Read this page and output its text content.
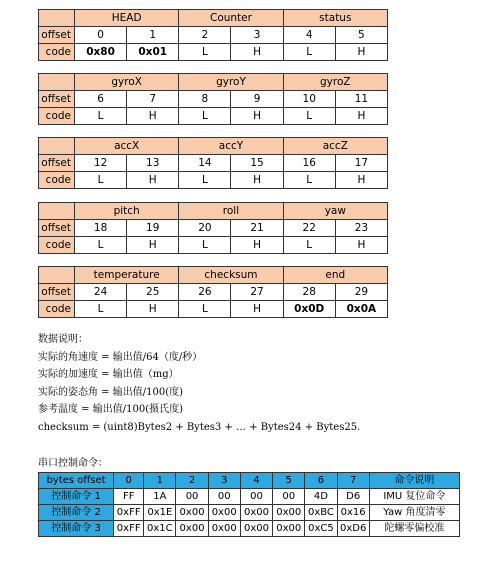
	HEAD		Counter		status	
offset	0	1	2	3	4	5
code	0x80	0x01	L	H	L	H
	gyroX		gyroY		gyroZ	
offset	6	7	8	9	10	11
code	L	H	L	H	L	H
	accX		accY		accZ	
offset	12	13	14	15	16	17
code	L	H	L	H	L	H
	pitch		roll		yaw	
offset	18	19	20	21	22	23
code	L	H	L	H	L	H
	temperature		checksum		end	
offset	24	25	26	27	28	29
code	L	H	L	H	0x0D	0x0A

数据说明：

实际的角速度 = 输出值/64（度/秒）

实际的加速度 = 输出值（mg）

实际的姿态角 = 输出值/100(度)

参考温度 = 输出值/100(摄氏度)

checksum = (uint8)Bytes2 + Bytes3 + … + Bytes24 + Bytes25.

串口控制命令：
bytes offset	0	1	2	3	4	5	6	7	命令说明
控制命令 1	FF	1A	00	00	00	00	4D	D6	IMU 复位命令
控制命令 2	0xFF	0x1E	0x00	0x00	0x00	0x00	0xBC	0x16	Yaw 角度清零
控制命令 3	0xFF	0x1C	0x00	0x00	0x00	0x00	0xC5	0xD6	陀螺零偏校准
